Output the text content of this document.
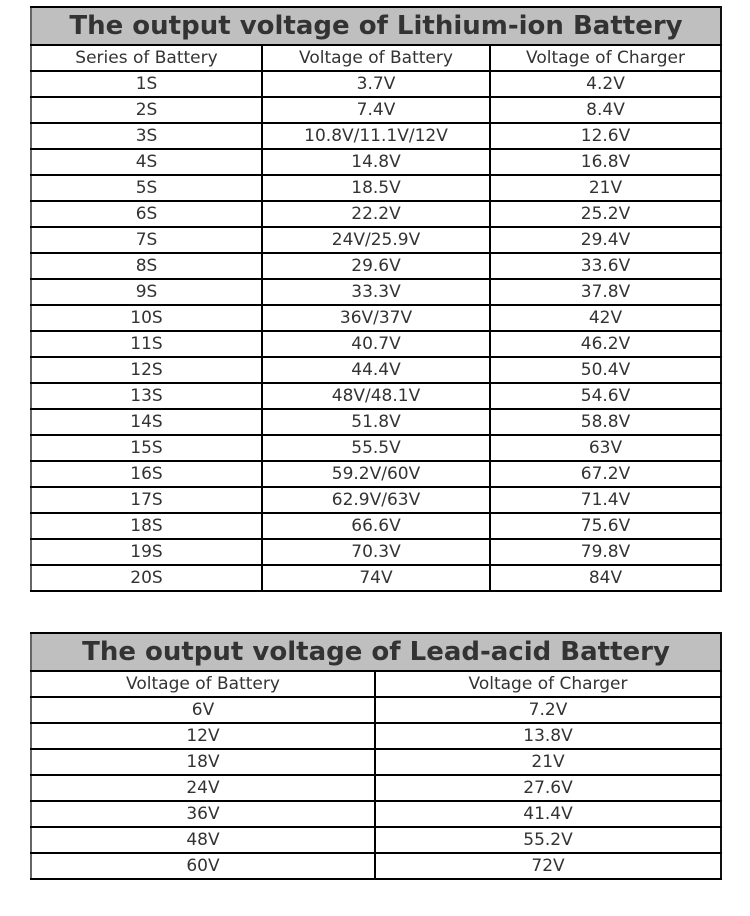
The output voltage of Lithium-ion Battery		
Series of Battery	Voltage of Battery	Voltage of Charger
1S	3.7V	4.2V
2S	7.4V	8.4V
3S	10.8V/11.1V/12V	12.6V
4S	14.8V	16.8V
5S	18.5V	21V
6S	22.2V	25.2V
7S	24V/25.9V	29.4V
8S	29.6V	33.6V
9S	33.3V	37.8V
10S	36V/37V	42V
11S	40.7V	46.2V
12S	44.4V	50.4V
13S	48V/48.1V	54.6V
14S	51.8V	58.8V
15S	55.5V	63V
16S	59.2V/60V	67.2V
17S	62.9V/63V	71.4V
18S	66.6V	75.6V
19S	70.3V	79.8V
20S	74V	84V
The output voltage of Lead-acid Battery	
Voltage of Battery	Voltage of Charger
6V	7.2V
12V	13.8V
18V	21V
24V	27.6V
36V	41.4V
48V	55.2V
60V	72V
